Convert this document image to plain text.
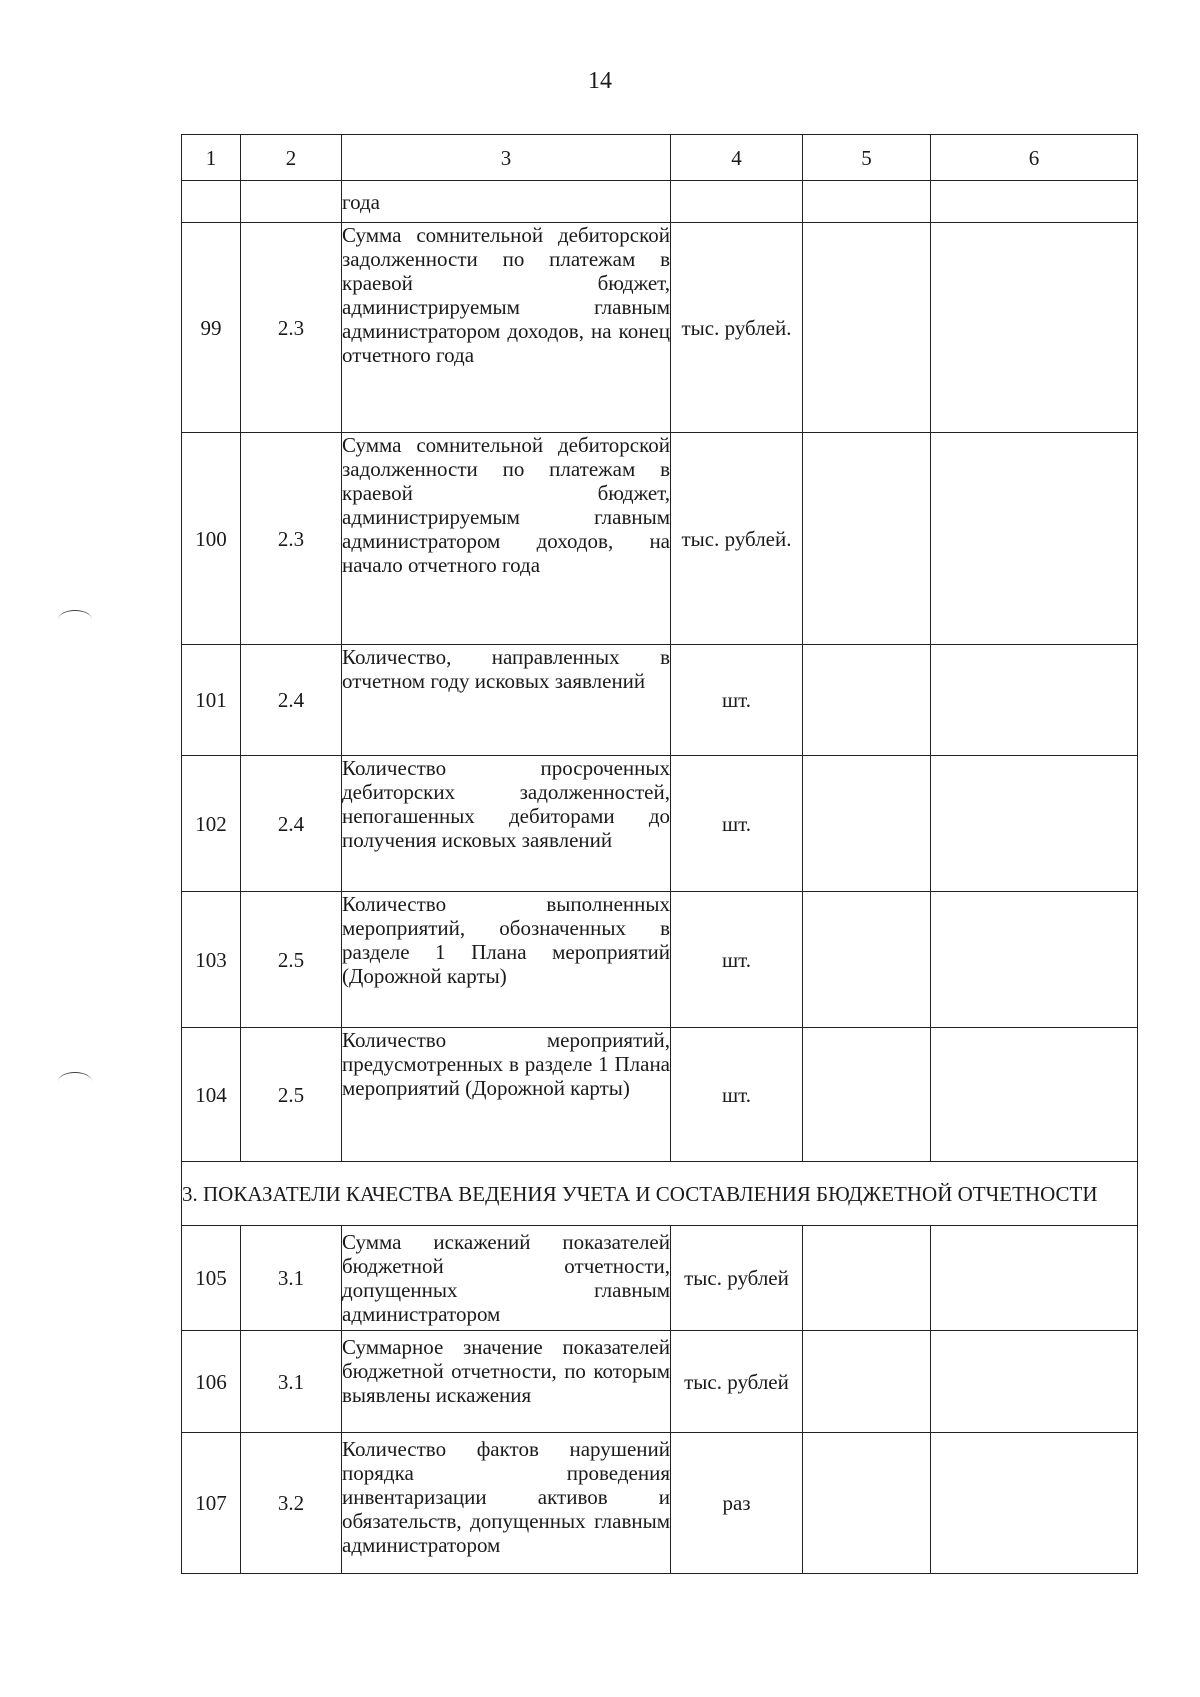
14
1	2	3	4	5	6
		года			
99	2.3	Сумма сомнительной дебиторской задолженности по платежам в краевой бюджет, администрируемым главным администратором доходов, на конец отчетного года	тыс. рублей.		
100	2.3	Сумма сомнительной дебиторской задолженности по платежам в краевой бюджет, администрируемым главным администратором доходов, на начало отчетного года	тыс. рублей.		
101	2.4	Количество, направленных в отчетном году исковых заявлений	шт.		
102	2.4	Количество просроченных дебиторских задолженностей, непогашенных дебиторами до получения исковых заявлений	шт.		
103	2.5	Количество выполненных мероприятий, обозначенных в разделе 1 Плана мероприятий (Дорожной карты)	шт.		
104	2.5	Количество мероприятий, предусмотренных в разделе 1 Плана мероприятий (Дорожной карты)	шт.		
3. ПОКАЗАТЕЛИ КАЧЕСТВА ВЕДЕНИЯ УЧЕТА И СОСТАВЛЕНИЯ БЮДЖЕТНОЙ ОТЧЕТНОСТИ					
105	3.1	Сумма искажений показателей бюджетной отчетности, допущенных главным администратором	тыс. рублей		
106	3.1	Суммарное значение показателей бюджетной отчетности, по которым выявлены искажения	тыс. рублей		
107	3.2	Количество фактов нарушений порядка проведения инвентаризации активов и обязательств, допущенных главным администратором	раз		
